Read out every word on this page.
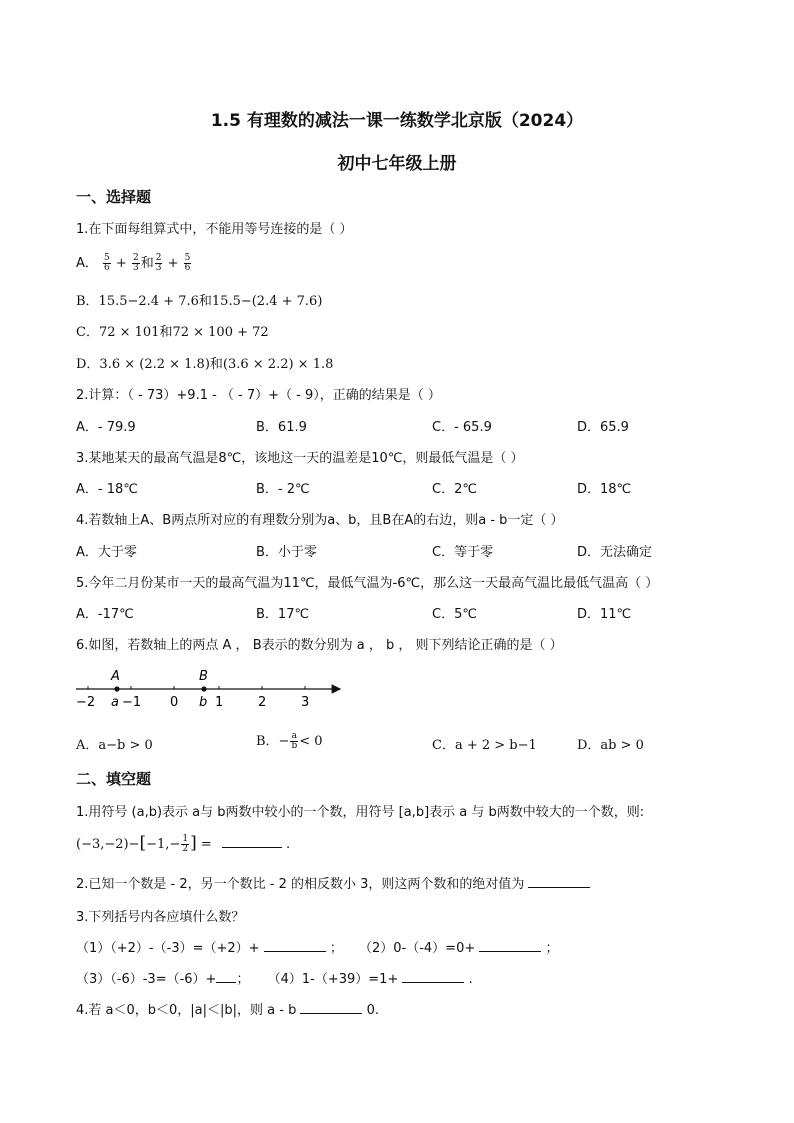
1.5 有理数的减法一课一练数学北京版（2024）
初中七年级上册
一、选择题
1.在下面每组算式中，不能用等号连接的是（ ）
A． $\frac{5}{6} + \frac{2}{3}$ 和 $\frac{2}{3} + \frac{5}{6}$
B．15.5−2.4 + 7.6和15.5−(2.4 + 7.6)
C．72 × 101和72 × 100 + 72
D．3.6 × (2.2 × 1.8)和(3.6 × 2.2) × 1.8
2.计算：（ - 73）+9.1 - （ - 7）+（ - 9），正确的结果是（ ）
A．- 79.9	B．61.9	C．- 65.9	D．65.9
3.某地某天的最高气温是8℃，该地这一天的温差是10℃，则最低气温是（ ）
A．- 18℃	B．- 2℃	C．2℃	D．18℃
4.若数轴上A、B两点所对应的有理数分别为a、b，且B在A的右边，则a - b一定（ ）
A．大于零	B．小于零	C．等于零	D．无法确定
5.今年二月份某市一天的最高气温为11℃，最低气温为-6℃，那么这一天最高气温比最低气温高（ ）
A．-17℃	B．17℃	C．5℃	D．11℃
6.如图，若数轴上的两点 A ， B表示的数分别为 a ， b ， 则下列结论正确的是（ ）
A	B
−2 a −1 0 b 1	2	3
A．a−b > 0	B．− $\frac{a}{b} < 0$	C．a + 2 > b−1	D．ab > 0
二、填空题
1.用符号 (a,b)表示 a与 b两数中较小的一个数，用符号 [a,b]表示 a 与 b两数中较大的一个数，则:
$(-3,-2)-[-1,- \frac{1}{2}$ ] =	.
2.已知一个数是 - 2，另一个数比 - 2 的相反数小 3，则这两个数和的绝对值为
3.下列括号内各应填什么数？
（1）（+2）-（-3）=（+2）+	； （2）0-（-4）=0+	；
（3）（-6）-3=（-6）+ ； （4）1-（+39）=1+	.
4.若 a＜0，b＜0，|a|＜|b|，则 a - b	0.
